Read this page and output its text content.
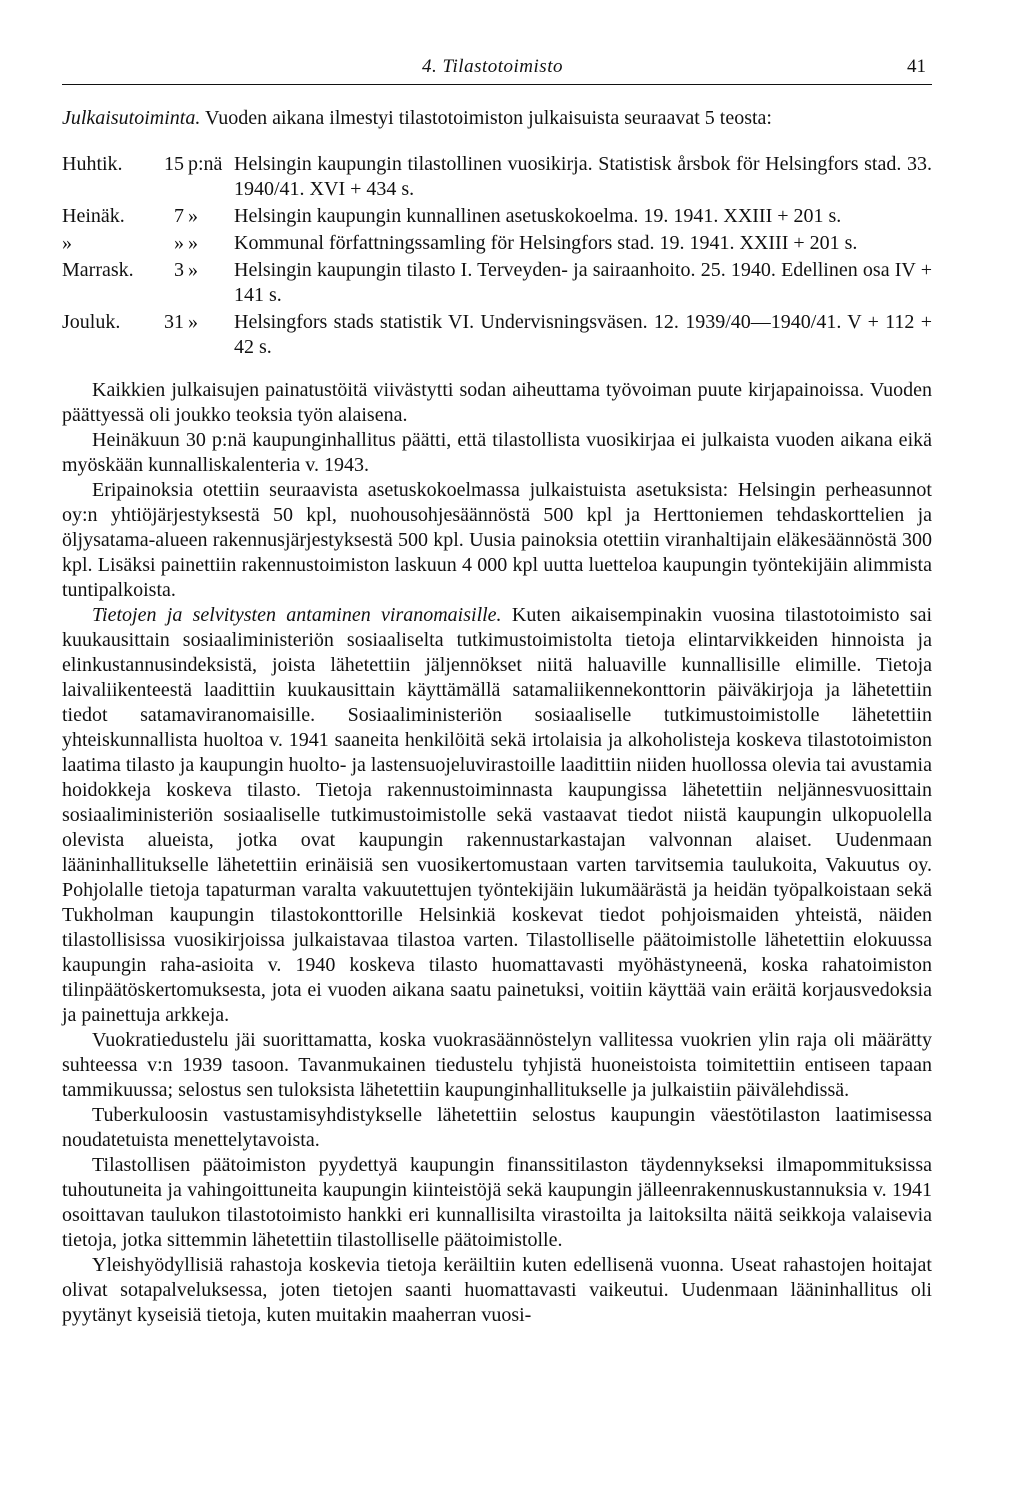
4. Tilastotoimisto	41
Julkaisutoiminta. Vuoden aikana ilmestyi tilastotoimiston julkaisuista seuraavat 5 teosta:
Huhtik.	15 p:nä Helsingin kaupungin tilastollinen vuosikirja. Statistisk årsbok för Helsingfors stad. 33. 1940/41. XVI + 434 s.
Heinäk.	7 »	Helsingin kaupungin kunnallinen asetuskokoelma. 19. 1941. XXIII + 201 s.
»	» »	Kommunal författningssamling för Helsingfors stad. 19. 1941. XXIII + 201 s.
Marrask.	3 »	Helsingin kaupungin tilasto I. Terveyden- ja sairaanhoito. 25. 1940. Edellinen osa IV + 141 s.
Jouluk.	31 »	Helsingfors stads statistik VI. Undervisningsväsen. 12. 1939/40—1940/41. V + 112 + 42 s.

Kaikkien julkaisujen painatustöitä viivästytti sodan aiheuttama työvoiman puute kirjapainoissa. Vuoden päättyessä oli joukko teoksia työn alaisena.

Heinäkuun 30 p:nä kaupunginhallitus päätti, että tilastollista vuosikirjaa ei julkaista vuoden aikana eikä myöskään kunnalliskalenteria v. 1943.

Eripainoksia otettiin seuraavista asetuskokoelmassa julkaistuista asetuksista: Helsingin perheasunnot oy:n yhtiöjärjestyksestä 50 kpl, nuohousohjesäännöstä 500 kpl ja Herttoniemen tehdaskorttelien ja öljysatama-alueen rakennusjärjestyksestä 500 kpl. Uusia painoksia otettiin viranhaltijain eläkesäännöstä 300 kpl. Lisäksi painettiin rakennustoimiston laskuun 4 000 kpl uutta luetteloa kaupungin työntekijäin alimmista tuntipalkoista.

Tietojen ja selvitysten antaminen viranomaisille. Kuten aikaisempinakin vuosina tilastotoimisto sai kuukausittain sosiaaliministeriön sosiaaliselta tutkimustoimistolta tietoja elintarvikkeiden hinnoista ja elinkustannusindeksistä, joista lähetettiin jäljennökset niitä haluaville kunnallisille elimille. Tietoja laivaliikenteestä laadittiin kuukausittain käyttämällä satamaliikennekonttorin päiväkirjoja ja lähetettiin tiedot satamaviranomaisille. Sosiaaliministeriön sosiaaliselle tutkimustoimistolle lähetettiin yhteiskunnallista huoltoa v. 1941 saaneita henkilöitä sekä irtolaisia ja alkoholisteja koskeva tilastotoimiston laatima tilasto ja kaupungin huolto- ja lastensuojeluvirastoille laadittiin niiden huollossa olevia tai avustamia hoidokkeja koskeva tilasto. Tietoja rakennustoiminnasta kaupungissa lähetettiin neljännesvuosittain sosiaaliministeriön sosiaaliselle tutkimustoimistolle sekä vastaavat tiedot niistä kaupungin ulkopuolella olevista alueista, jotka ovat kaupungin rakennustarkastajan valvonnan alaiset. Uudenmaan lääninhallitukselle lähetettiin erinäisiä sen vuosikertomustaan varten tarvitsemia taulukoita, Vakuutus oy. Pohjolalle tietoja tapaturman varalta vakuutettujen työntekijäin lukumäärästä ja heidän työpalkoistaan sekä Tukholman kaupungin tilastokonttorille Helsinkiä koskevat tiedot pohjoismaiden yhteistä, näiden tilastollisissa vuosikirjoissa julkaistavaa tilastoa varten. Tilastolliselle päätoimistolle lähetettiin elokuussa kaupungin raha-asioita v. 1940 koskeva tilasto huomattavasti myöhästyneenä, koska rahatoimiston tilinpäätöskertomuksesta, jota ei vuoden aikana saatu painetuksi, voitiin käyttää vain eräitä korjausvedoksia ja painettuja arkkeja.

Vuokratiedustelu jäi suorittamatta, koska vuokrasäännöstelyn vallitessa vuokrien ylin raja oli määrätty suhteessa v:n 1939 tasoon. Tavanmukainen tiedustelu tyhjistä huoneistoista toimitettiin entiseen tapaan tammikuussa; selostus sen tuloksista lähetettiin kaupunginhallitukselle ja julkaistiin päivälehdissä.

Tuberkuloosin vastustamisyhdistykselle lähetettiin selostus kaupungin väestötilaston laatimisessa noudatetuista menettelytavoista.

Tilastollisen päätoimiston pyydettyä kaupungin finanssitilaston täydennykseksi ilmapommituksissa tuhoutuneita ja vahingoittuneita kaupungin kiinteistöjä sekä kaupungin jälleenrakennuskustannuksia v. 1941 osoittavan taulukon tilastotoimisto hankki eri kunnallisilta virastoilta ja laitoksilta näitä seikkoja valaisevia tietoja, jotka sittemmin lähetettiin tilastolliselle päätoimistolle.

Yleishyödyllisiä rahastoja koskevia tietoja keräiltiin kuten edellisenä vuonna. Useat rahastojen hoitajat olivat sotapalveluksessa, joten tietojen saanti huomattavasti vaikeutui. Uudenmaan lääninhallitus oli pyytänyt kyseisiä tietoja, kuten muitakin maaherran vuosi-
